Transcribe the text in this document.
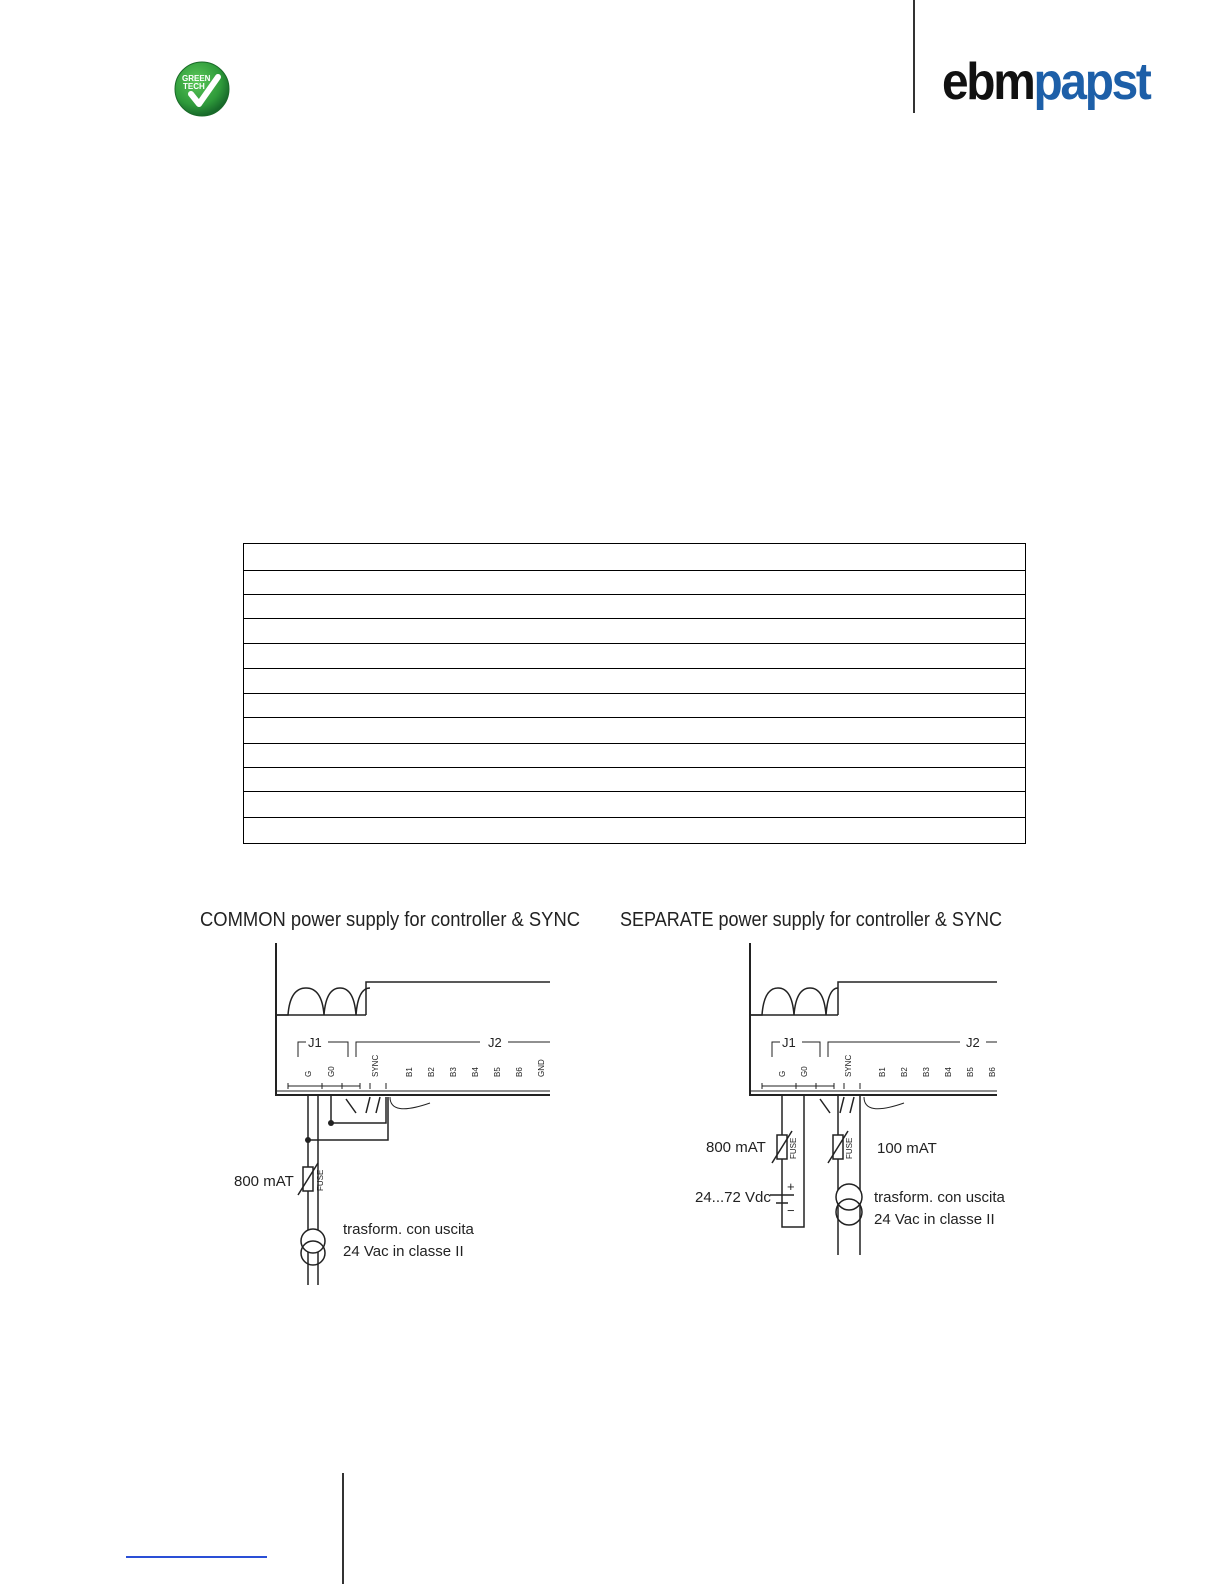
GREEN
TECH	ebmpapst

COMMON power supply for controller & SYNC
J1	J2
G G0	SYNC	B1 B2 B3 B4 B5 B6 GND
FUSE
800 mAT
trasform. con uscita
24 Vac in classe II
SEPARATE power supply for controller & SYNC
J1	J2
G G0	SYNC	B1 B2 B3 B4 B5 B6
FUSE
800 mAT
+
−
24...72 Vdc
FUSE 100 mAT
trasform. con uscita
24 Vac in classe II
